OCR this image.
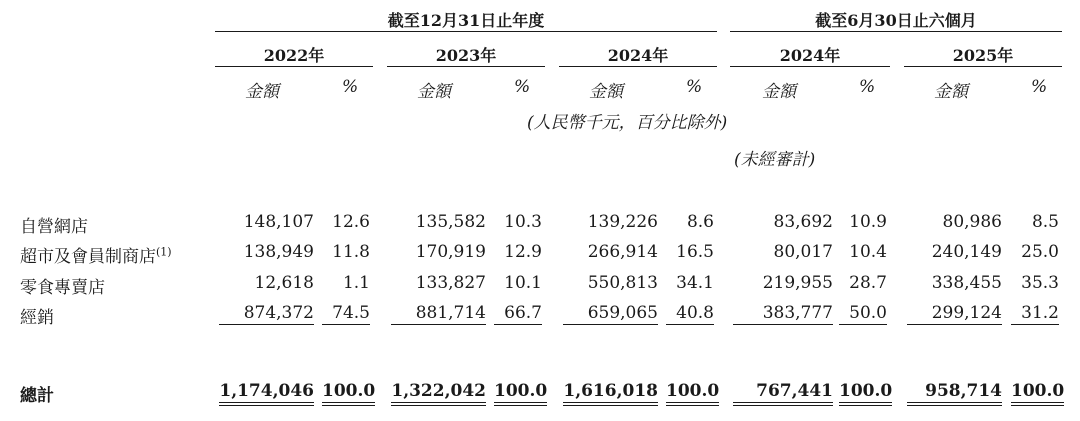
截至12月31日止年度	截至6月30日止六個月
2022年	2023年	2024年	2024年	2025年
金額	%	金額	%	金額	%	金額	%	金額	%
(人民幣千元，百分比除外)
(未經審計)
自營網店	148,107	12.6	135,582	10.3	139,226	8.6	83,692 10.9	80,986	8.5
超市及會員制商店$^{(1)}$	138,949	11.8	170,919	12.9	266,914	16.5	80,017 10.4	240,149	25.0
零食專賣店	12,618	1.1	133,827	10.1	550,813	34.1	219,955 28.7	338,455	35.3
經銷	874,372	74.5	881,714	66.7	659,065	40.8	383,777 50.0	299,124	31.2
總計	1,174,046 100.0 1,322,042 100.0 1,616,018 100.0	767,441 100.0	958,714 100.0
